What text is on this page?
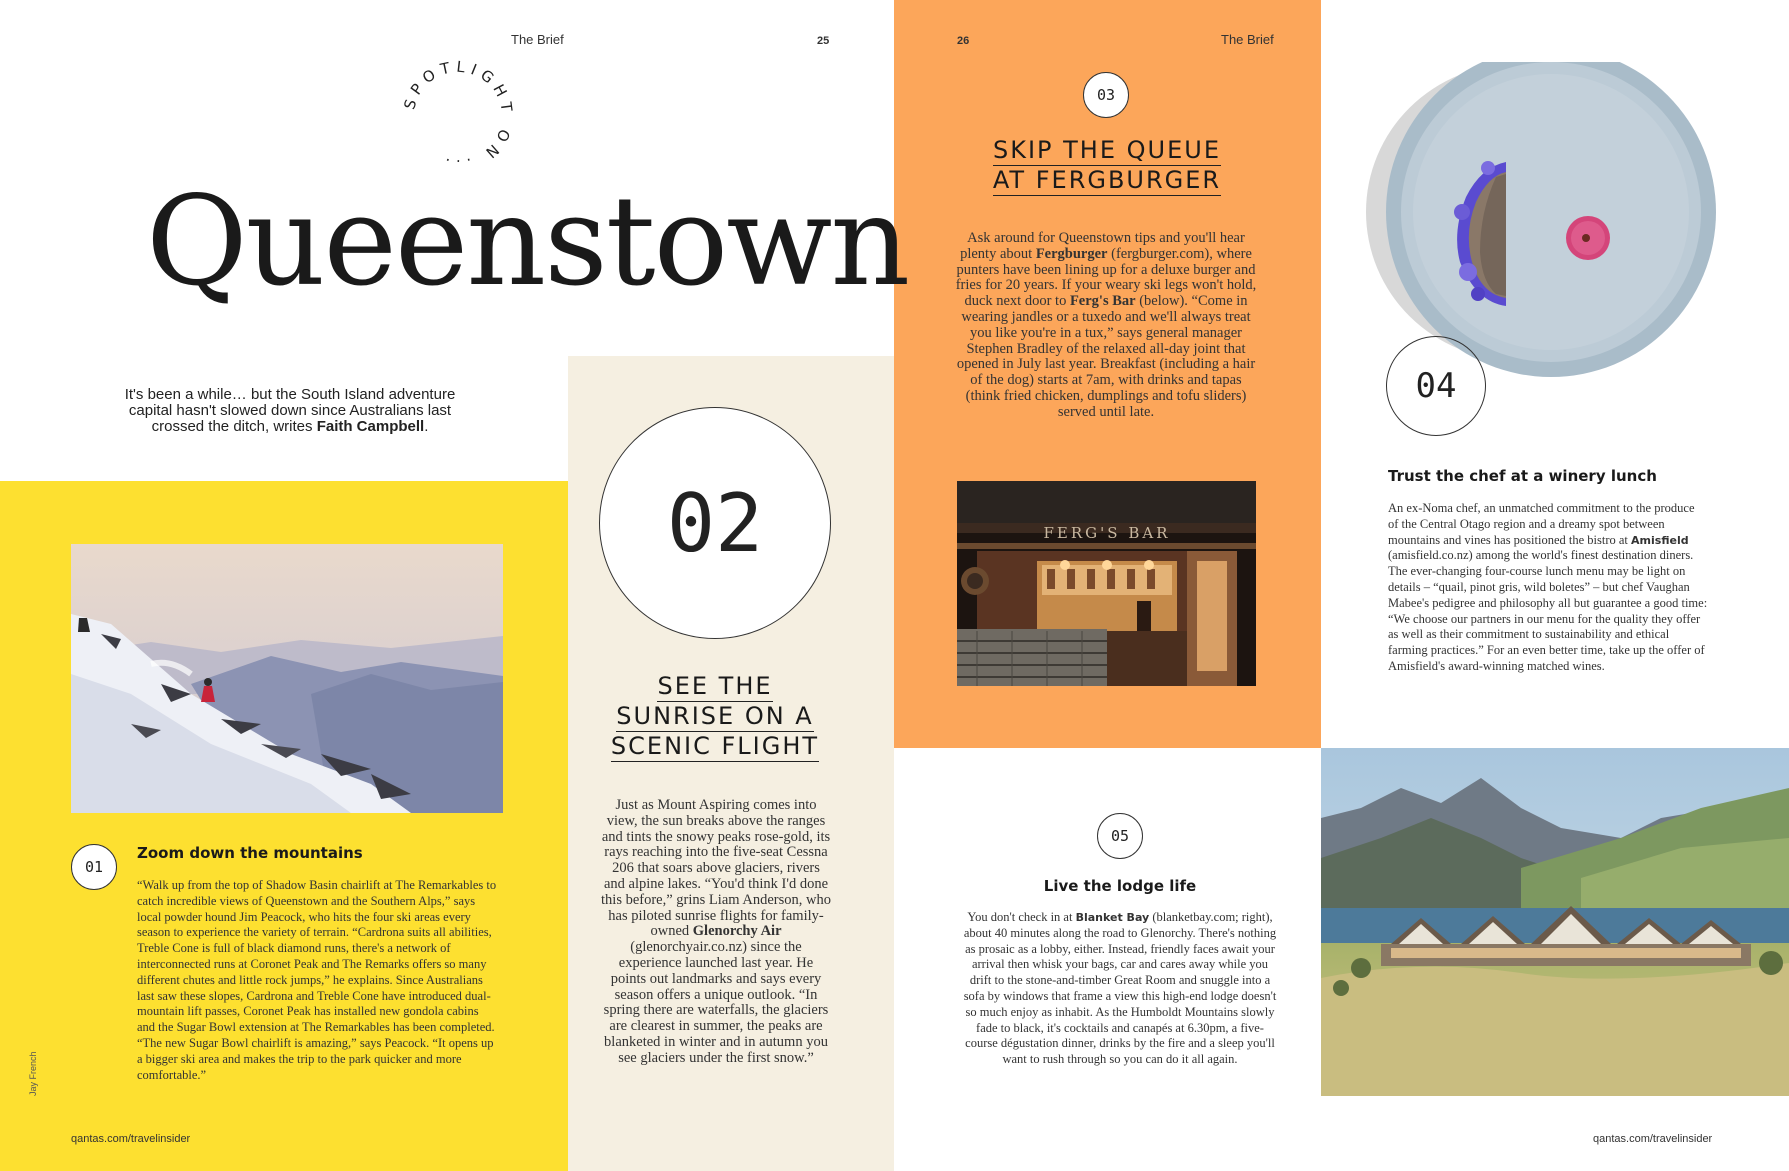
The Brief	25	26	The Brief
SPOTLIGHT ON ...
Queenstown
It's been a while… but the South Island adventure capital hasn't slowed down since Australians last crossed the ditch, writes Faith Campbell.
01
Zoom down the mountains
“Walk up from the top of Shadow Basin chairlift at The Remarkables to catch incredible views of Queenstown and the Southern Alps,” says local powder hound Jim Peacock, who hits the four ski areas every season to experience the variety of terrain. “Cardrona suits all abilities, Treble Cone is full of black diamond runs, there's a network of interconnected runs at Coronet Peak and The Remarks offers so many different chutes and little rock jumps,” he explains. Since Australians last saw these slopes, Cardrona and Treble Cone have introduced dual-mountain lift passes, Coronet Peak has installed new gondola cabins and the Sugar Bowl extension at The Remarkables has been completed. “The new Sugar Bowl chairlift is amazing,” says Peacock. “It opens up a bigger ski area and makes the trip to the park quicker and more comfortable.”
Jay French
qantas.com/travelinsider
02
SEE THE
SUNRISE ON A
SCENIC FLIGHT
Just as Mount Aspiring comes into view, the sun breaks above the ranges and tints the snowy peaks rose-gold, its rays reaching into the five-seat Cessna 206 that soars above glaciers, rivers and alpine lakes. “You'd think I'd done this before,” grins Liam Anderson, who has piloted sunrise flights for family-owned Glenorchy Air (glenorchyair.co.nz) since the experience launched last year. He points out landmarks and says every season offers a unique outlook. “In spring there are waterfalls, the glaciers are clearest in summer, the peaks are blanketed in winter and in autumn you see glaciers under the first snow.”
03
SKIP THE QUEUE
AT FERGBURGER
Ask around for Queenstown tips and you'll hear plenty about Fergburger (fergburger.com), where punters have been lining up for a deluxe burger and fries for 20 years. If your weary ski legs won't hold, duck next door to Ferg's Bar (below). “Come in wearing jandles or a tuxedo and we'll always treat you like you're in a tux,” says general manager Stephen Bradley of the relaxed all-day joint that opened in July last year. Breakfast (including a hair of the dog) starts at 7am, with drinks and tapas (think fried chicken, dumplings and tofu sliders) served until late.
FERG'S BAR
04
Trust the chef at a winery lunch
An ex-Noma chef, an unmatched commitment to the produce of the Central Otago region and a dreamy spot between mountains and vines has positioned the bistro at Amisfield (amisfield.co.nz) among the world's finest destination diners. The ever-changing four-course lunch menu may be light on details – “quail, pinot gris, wild boletes” – but chef Vaughan Mabee's pedigree and philosophy all but guarantee a good time: “We choose our partners in our menu for the quality they offer as well as their commitment to sustainability and ethical farming practices.” For an even better time, take up the offer of Amisfield's award-winning matched wines.
05
Live the lodge life
You don't check in at Blanket Bay (blanketbay.com; right), about 40 minutes along the road to Glenorchy. There's nothing as prosaic as a lobby, either. Instead, friendly faces await your arrival then whisk your bags, car and cares away while you drift to the stone-and-timber Great Room and snuggle into a sofa by windows that frame a view this high-end lodge doesn't so much enjoy as inhabit. As the Humboldt Mountains slowly fade to black, it's cocktails and canapés at 6.30pm, a five-course dégustation dinner, drinks by the fire and a sleep you'll want to rush through so you can do it all again.
qantas.com/travelinsider
